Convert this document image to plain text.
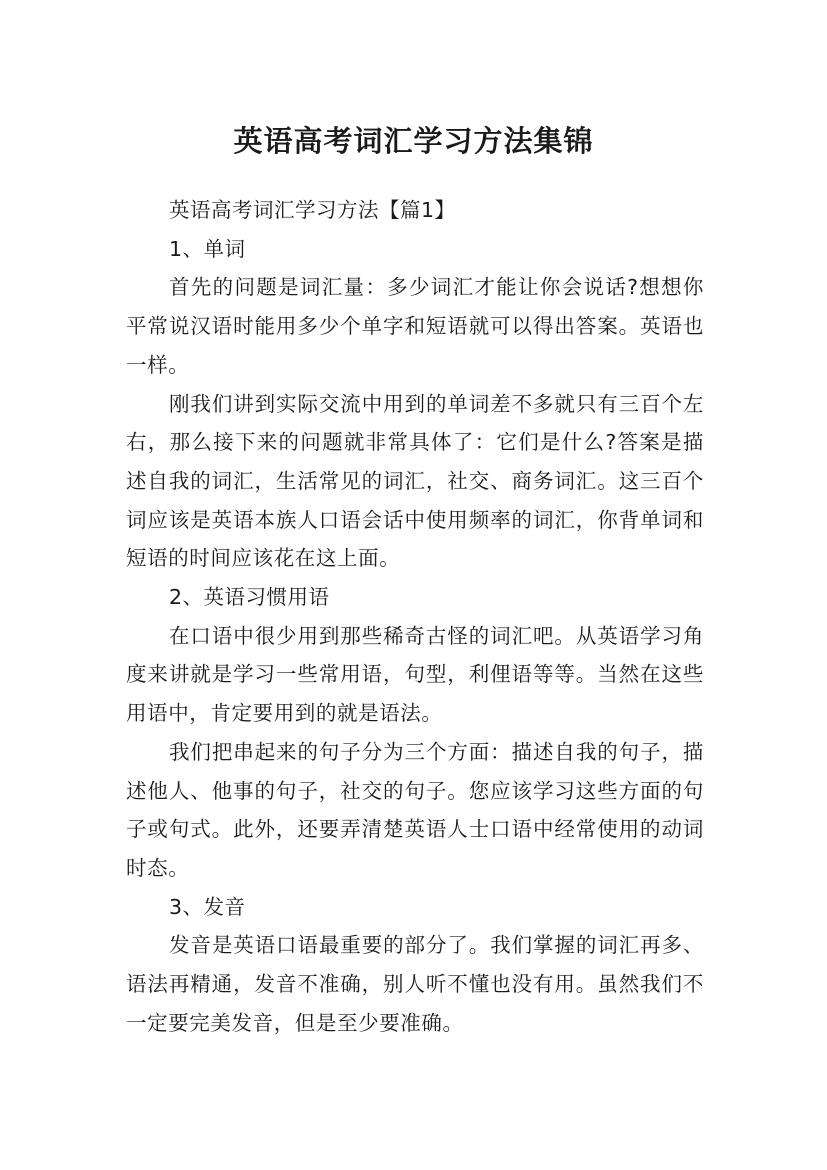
英语高考词汇学习方法集锦

英语高考词汇学习方法【篇1】

1、单词

首先的问题是词汇量：多少词汇才能让你会说话?想想你平常说汉语时能用多少个单字和短语就可以得出答案。英语也一样。

刚我们讲到实际交流中用到的单词差不多就只有三百个左右，那么接下来的问题就非常具体了：它们是什么?答案是描述自我的词汇，生活常见的词汇，社交、商务词汇。这三百个词应该是英语本族人口语会话中使用频率的词汇，你背单词和短语的时间应该花在这上面。

2、英语习惯用语

在口语中很少用到那些稀奇古怪的词汇吧。从英语学习角度来讲就是学习一些常用语，句型，利俚语等等。当然在这些用语中，肯定要用到的就是语法。

我们把串起来的句子分为三个方面：描述自我的句子，描述他人、他事的句子，社交的句子。您应该学习这些方面的句子或句式。此外，还要弄清楚英语人士口语中经常使用的动词时态。

3、发音

发音是英语口语最重要的部分了。我们掌握的词汇再多、语法再精通，发音不准确，别人听不懂也没有用。虽然我们不一定要完美发音，但是至少要准确。
